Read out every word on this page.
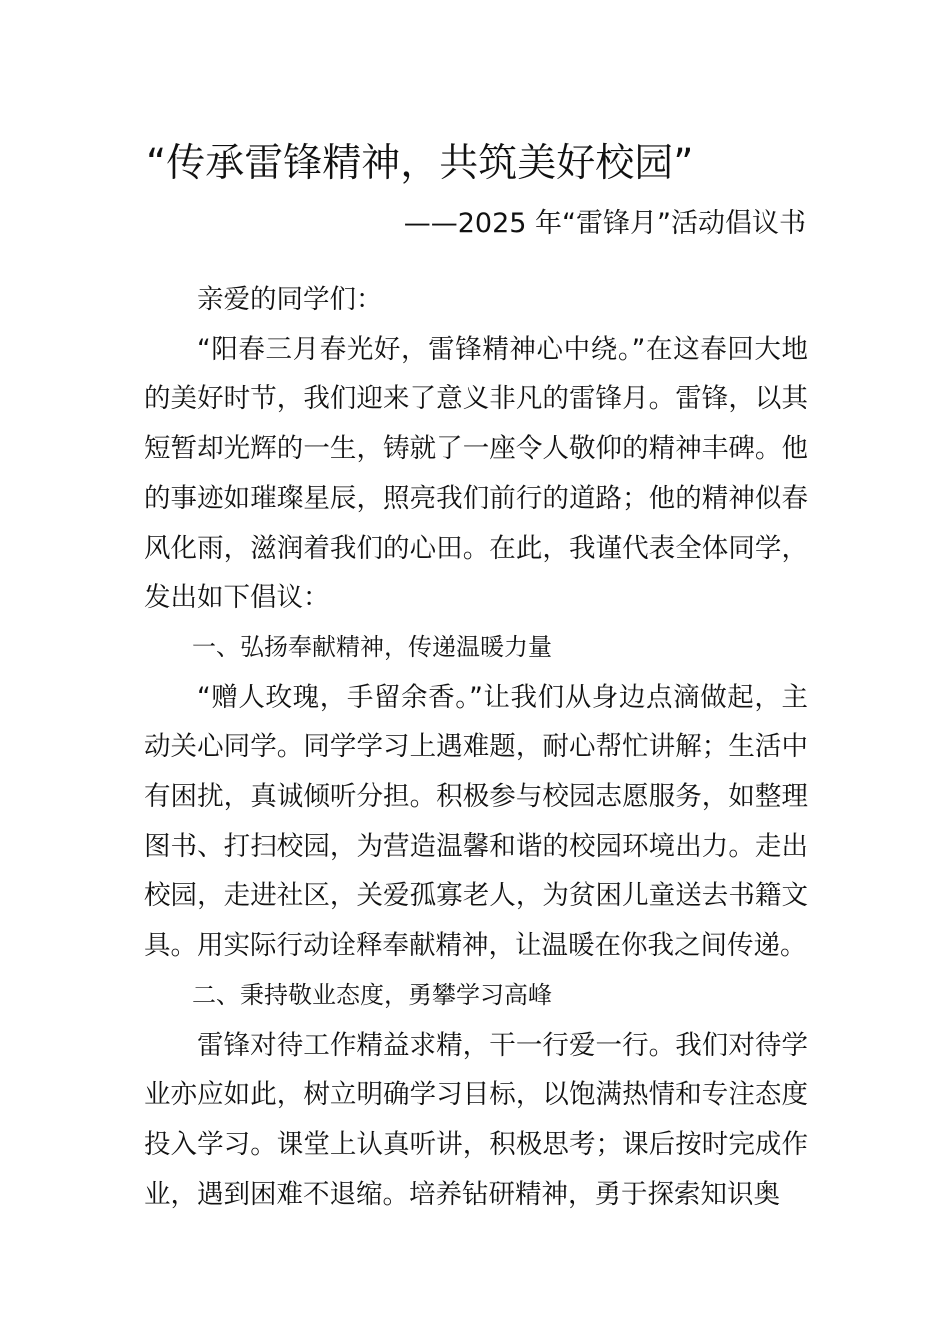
“传承雷锋精神，共筑美好校园”
——2025 年“雷锋月”活动倡议书

亲爱的同学们：

“阳春三月春光好，雷锋精神心中绕。”在这春回大地的美好时节，我们迎来了意义非凡的雷锋月。雷锋，以其短暂却光辉的一生，铸就了一座令人敬仰的精神丰碑。他的事迹如璀璨星辰，照亮我们前行的道路；他的精神似春风化雨，滋润着我们的心田。在此，我谨代表全体同学，发出如下倡议：

一、弘扬奉献精神，传递温暖力量

“赠人玫瑰，手留余香。”让我们从身边点滴做起，主动关心同学。同学学习上遇难题，耐心帮忙讲解；生活中有困扰，真诚倾听分担。积极参与校园志愿服务，如整理图书、打扫校园，为营造温馨和谐的校园环境出力。走出校园，走进社区，关爱孤寡老人，为贫困儿童送去书籍文具。用实际行动诠释奉献精神，让温暖在你我之间传递。

二、秉持敬业态度，勇攀学习高峰

雷锋对待工作精益求精，干一行爱一行。我们对待学业亦应如此，树立明确学习目标，以饱满热情和专注态度投入学习。课堂上认真听讲，积极思考；课后按时完成作业，遇到困难不退缩。培养钻研精神，勇于探索知识奥
